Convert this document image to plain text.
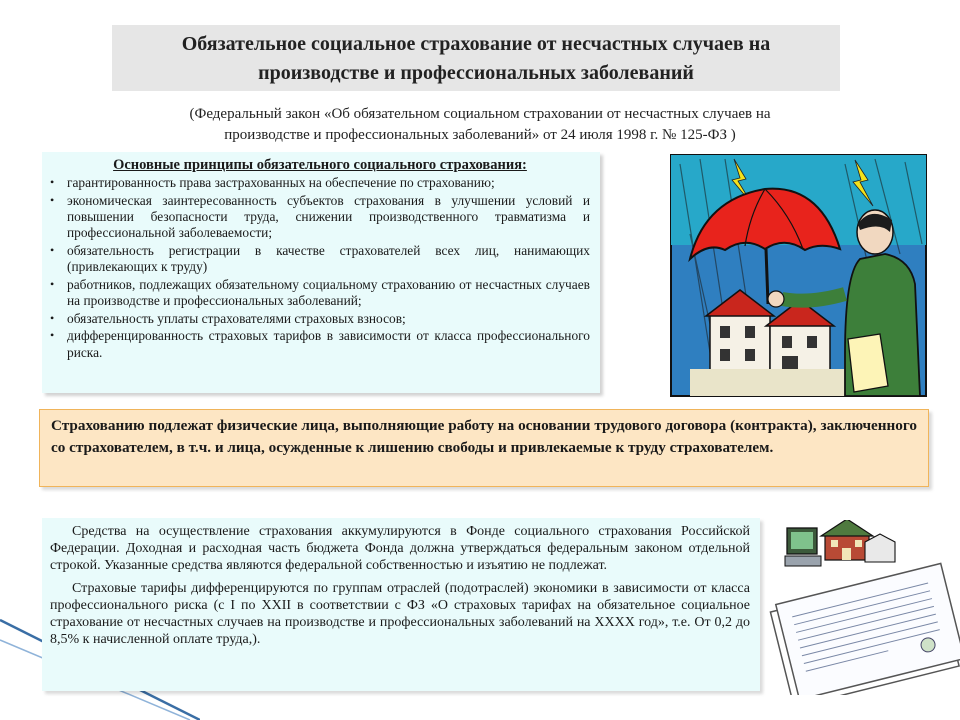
Обязательное социальное страхование от несчастных случаев на
производстве и профессиональных заболеваний
(Федеральный закон «Об обязательном социальном страховании от несчастных случаев на
производстве и профессиональных заболеваний» от 24 июля 1998 г. № 125-ФЗ )
Основные принципы обязательного социального страхования:
• гарантированность права застрахованных на обеспечение по страхованию;
• экономическая заинтересованность субъектов страхования в улучшении условий и повышении безопасности труда, снижении производственного травматизма и профессиональной заболеваемости;
• обязательность регистрации в качестве страхователей всех лиц, нанимающих (привлекающих к труду)
• работников, подлежащих обязательному социальному страхованию от несчастных случаев на производстве и профессиональных заболеваний;
• обязательность уплаты страхователями страховых взносов;
• дифференцированность страховых тарифов в зависимости от класса профессионального риска.
Страхованию подлежат физические лица, выполняющие работу на основании трудового договора (контракта), заключенного со страхователем, в т.ч. и лица, осужденные к лишению свободы и привлекаемые к труду страхователем.

Средства на осуществление страхования аккумулируются в Фонде социального страхования Российской Федерации. Доходная и расходная часть бюджета Фонда должна утверждаться федеральным законом отдельной строкой. Указанные средства являются федеральной собственностью и изъятию не подлежат.

Страховые тарифы дифференцируются по группам отраслей (подотраслей) экономики в зависимости от класса профессионального риска (с I по XXII в соответствии с ФЗ «О страховых тарифах на обязательное социальное страхование от несчастных случаев на производстве и профессиональных заболеваний на XXXX год», т.е. От 0,2 до 8,5% к начисленной оплате труда,).
